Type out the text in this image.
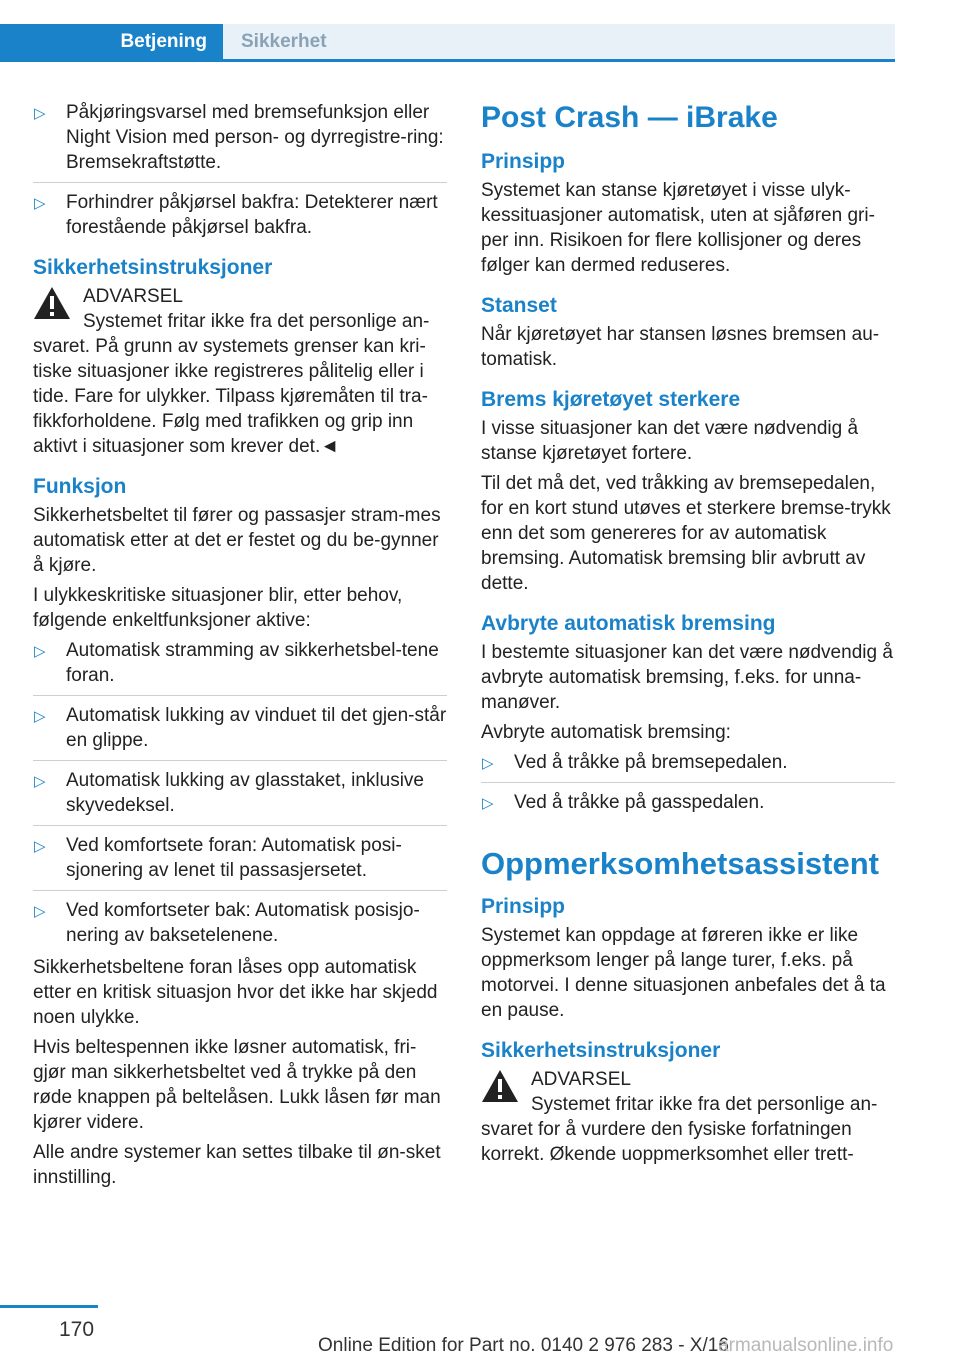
Betjening	Sikkerhet
▷ Påkjøringsvarsel med bremsefunksjon eller Night Vision med person- og dyrregistre-ring: Bremsekraftstøtte.
▷ Forhindrer påkjørsel bakfra: Detekterer nært forestående påkjørsel bakfra.
Sikkerhetsinstruksjoner
ADVARSEL
Systemet fritar ikke fra det personlige an-

svaret. På grunn av systemets grenser kan kri-tiske situasjoner ikke registreres pålitelig eller i tide. Fare for ulykker. Tilpass kjøremåten til tra-fikkforholdene. Følg med trafikken og grip inn aktivt i situasjoner som krever det.◄

Funksjon

Sikkerhetsbeltet til fører og passasjer stram-mes automatisk etter at det er festet og du be-gynner å kjøre.

I ulykkeskritiske situasjoner blir, etter behov, følgende enkeltfunksjoner aktive:

▷ Automatisk stramming av sikkerhetsbel-tene foran.
▷ Automatisk lukking av vinduet til det gjen-står en glippe.
▷ Automatisk lukking av glasstaket, inklusive skyvedeksel.
▷ Ved komfortsete foran: Automatisk posi-sjonering av lenet til passasjersetet.
▷ Ved komfortseter bak: Automatisk posisjo-nering av baksetelenene.

Sikkerhetsbeltene foran låses opp automatisk etter en kritisk situasjon hvor det ikke har skjedd noen ulykke.

Hvis beltespennen ikke løsner automatisk, fri-gjør man sikkerhetsbeltet ved å trykke på den røde knappen på beltelåsen. Lukk låsen før man kjører videre.

Alle andre systemer kan settes tilbake til øn-sket innstilling.

Post Crash — iBrake
Prinsipp

Systemet kan stanse kjøretøyet i visse ulyk-kessituasjoner automatisk, uten at sjåføren gri-per inn. Risikoen for flere kollisjoner og deres følger kan dermed reduseres.

Stanset

Når kjøretøyet har stansen løsnes bremsen au-tomatisk.

Brems kjøretøyet sterkere

I visse situasjoner kan det være nødvendig å stanse kjøretøyet fortere.

Til det må det, ved tråkking av bremsepedalen, for en kort stund utøves et sterkere bremse-trykk enn det som genereres for av automatisk bremsing. Automatisk bremsing blir avbrutt av dette.

Avbryte automatisk bremsing

I bestemte situasjoner kan det være nødvendig å avbryte automatisk bremsing, f.eks. for unna-manøver.

Avbryte automatisk bremsing:

▷ Ved å tråkke på bremsepedalen.
▷ Ved å tråkke på gasspedalen.
Oppmerksomhetsassistent
Prinsipp

Systemet kan oppdage at føreren ikke er like oppmerksom lenger på lange turer, f.eks. på motorvei. I denne situasjonen anbefales det å ta en pause.

Sikkerhetsinstruksjoner
ADVARSEL
Systemet fritar ikke fra det personlige an-

svaret for å vurdere den fysiske forfatningen korrekt. Økende uoppmerksomhet eller trett-

170
Online Edition for Part no. 0140 2 976 283 - X/16
armanualsonline.info
